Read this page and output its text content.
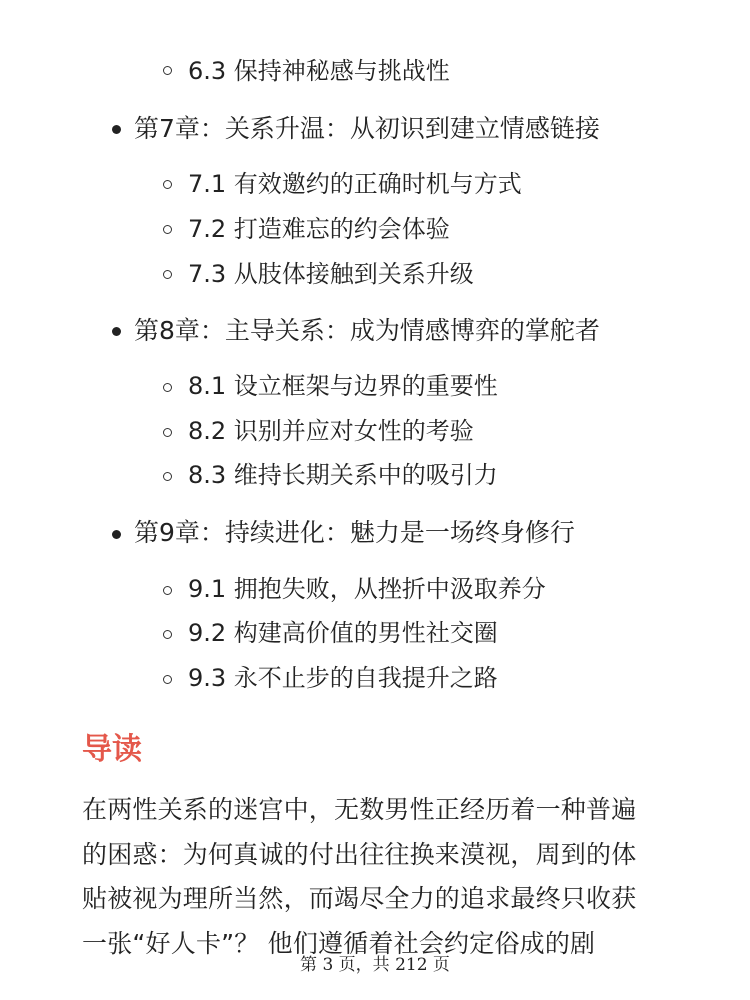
6.3 保持神秘感与挑战性
第7章：关系升温：从初识到建立情感链接
7.1 有效邀约的正确时机与方式
7.2 打造难忘的约会体验
7.3 从肢体接触到关系升级
第8章：主导关系：成为情感博弈的掌舵者
8.1 设立框架与边界的重要性
8.2 识别并应对女性的考验
8.3 维持长期关系中的吸引力
第9章：持续进化：魅力是一场终身修行
9.1 拥抱失败，从挫折中汲取养分
9.2 构建高价值的男性社交圈
9.3 永不止步的自我提升之路
导读
在两性关系的迷宫中，无数男性正经历着一种普遍
的困惑：为何真诚的付出往往换来漠视，周到的体
贴被视为理所当然，而竭尽全力的追求最终只收获
一张“好人卡”？ 他们遵循着社会约定俗成的剧
第 3 页，共 212 页
